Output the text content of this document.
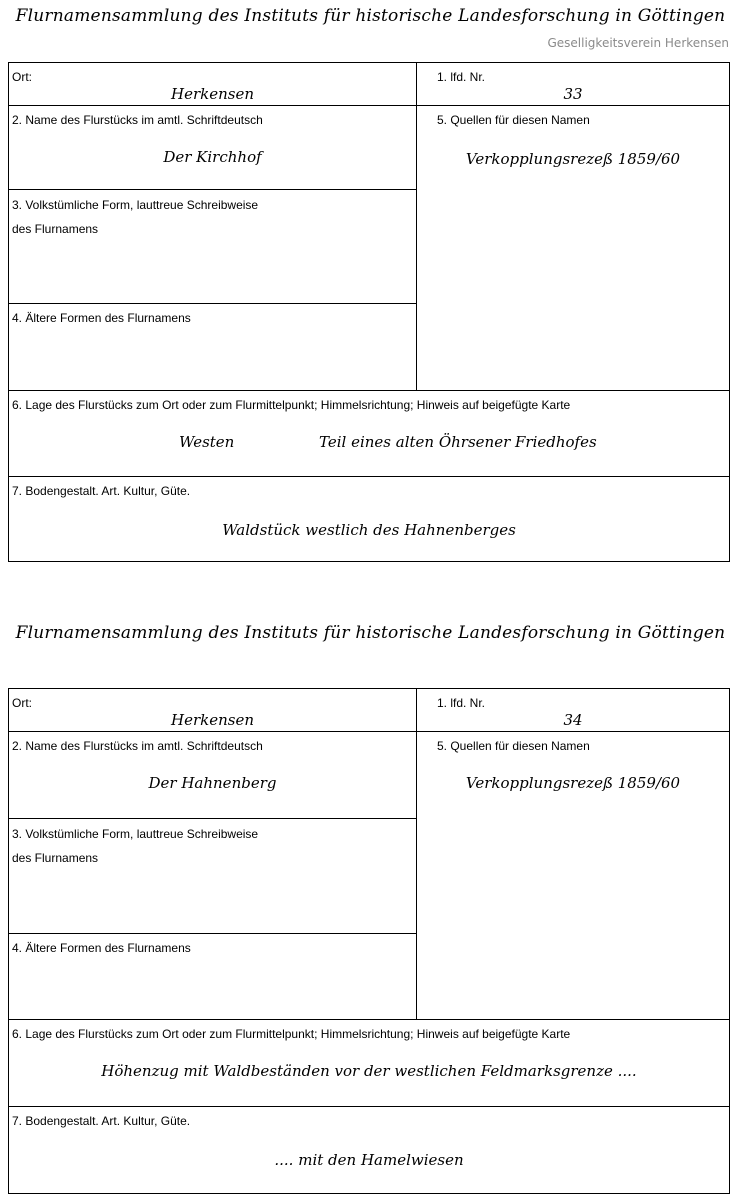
Flurnamensammlung des Instituts für historische Landesforschung in Göttingen
Geselligkeitsverein Herkensen
Ort:
Herkensen
1. lfd. Nr.
33
2. Name des Flurstücks im amtl. Schriftdeutsch
Der Kirchhof
3. Volkstümliche Form, lauttreue Schreibweise
des Flurnamens
4. Ältere Formen des Flurnamens
5. Quellen für diesen Namen
Verkopplungsrezeß 1859/60
6. Lage des Flurstücks zum Ort oder zum Flurmittelpunkt; Himmelsrichtung; Hinweis auf beigefügte Karte
Westen	Teil eines alten Öhrsener Friedhofes
7. Bodengestalt. Art. Kultur, Güte.
Waldstück westlich des Hahnenberges
Flurnamensammlung des Instituts für historische Landesforschung in Göttingen
Ort:
Herkensen
1. lfd. Nr.
34
2. Name des Flurstücks im amtl. Schriftdeutsch
Der Hahnenberg
3. Volkstümliche Form, lauttreue Schreibweise
des Flurnamens
4. Ältere Formen des Flurnamens
5. Quellen für diesen Namen
Verkopplungsrezeß 1859/60
6. Lage des Flurstücks zum Ort oder zum Flurmittelpunkt; Himmelsrichtung; Hinweis auf beigefügte Karte
Höhenzug mit Waldbeständen vor der westlichen Feldmarksgrenze ....
7. Bodengestalt. Art. Kultur, Güte.
.... mit den Hamelwiesen
